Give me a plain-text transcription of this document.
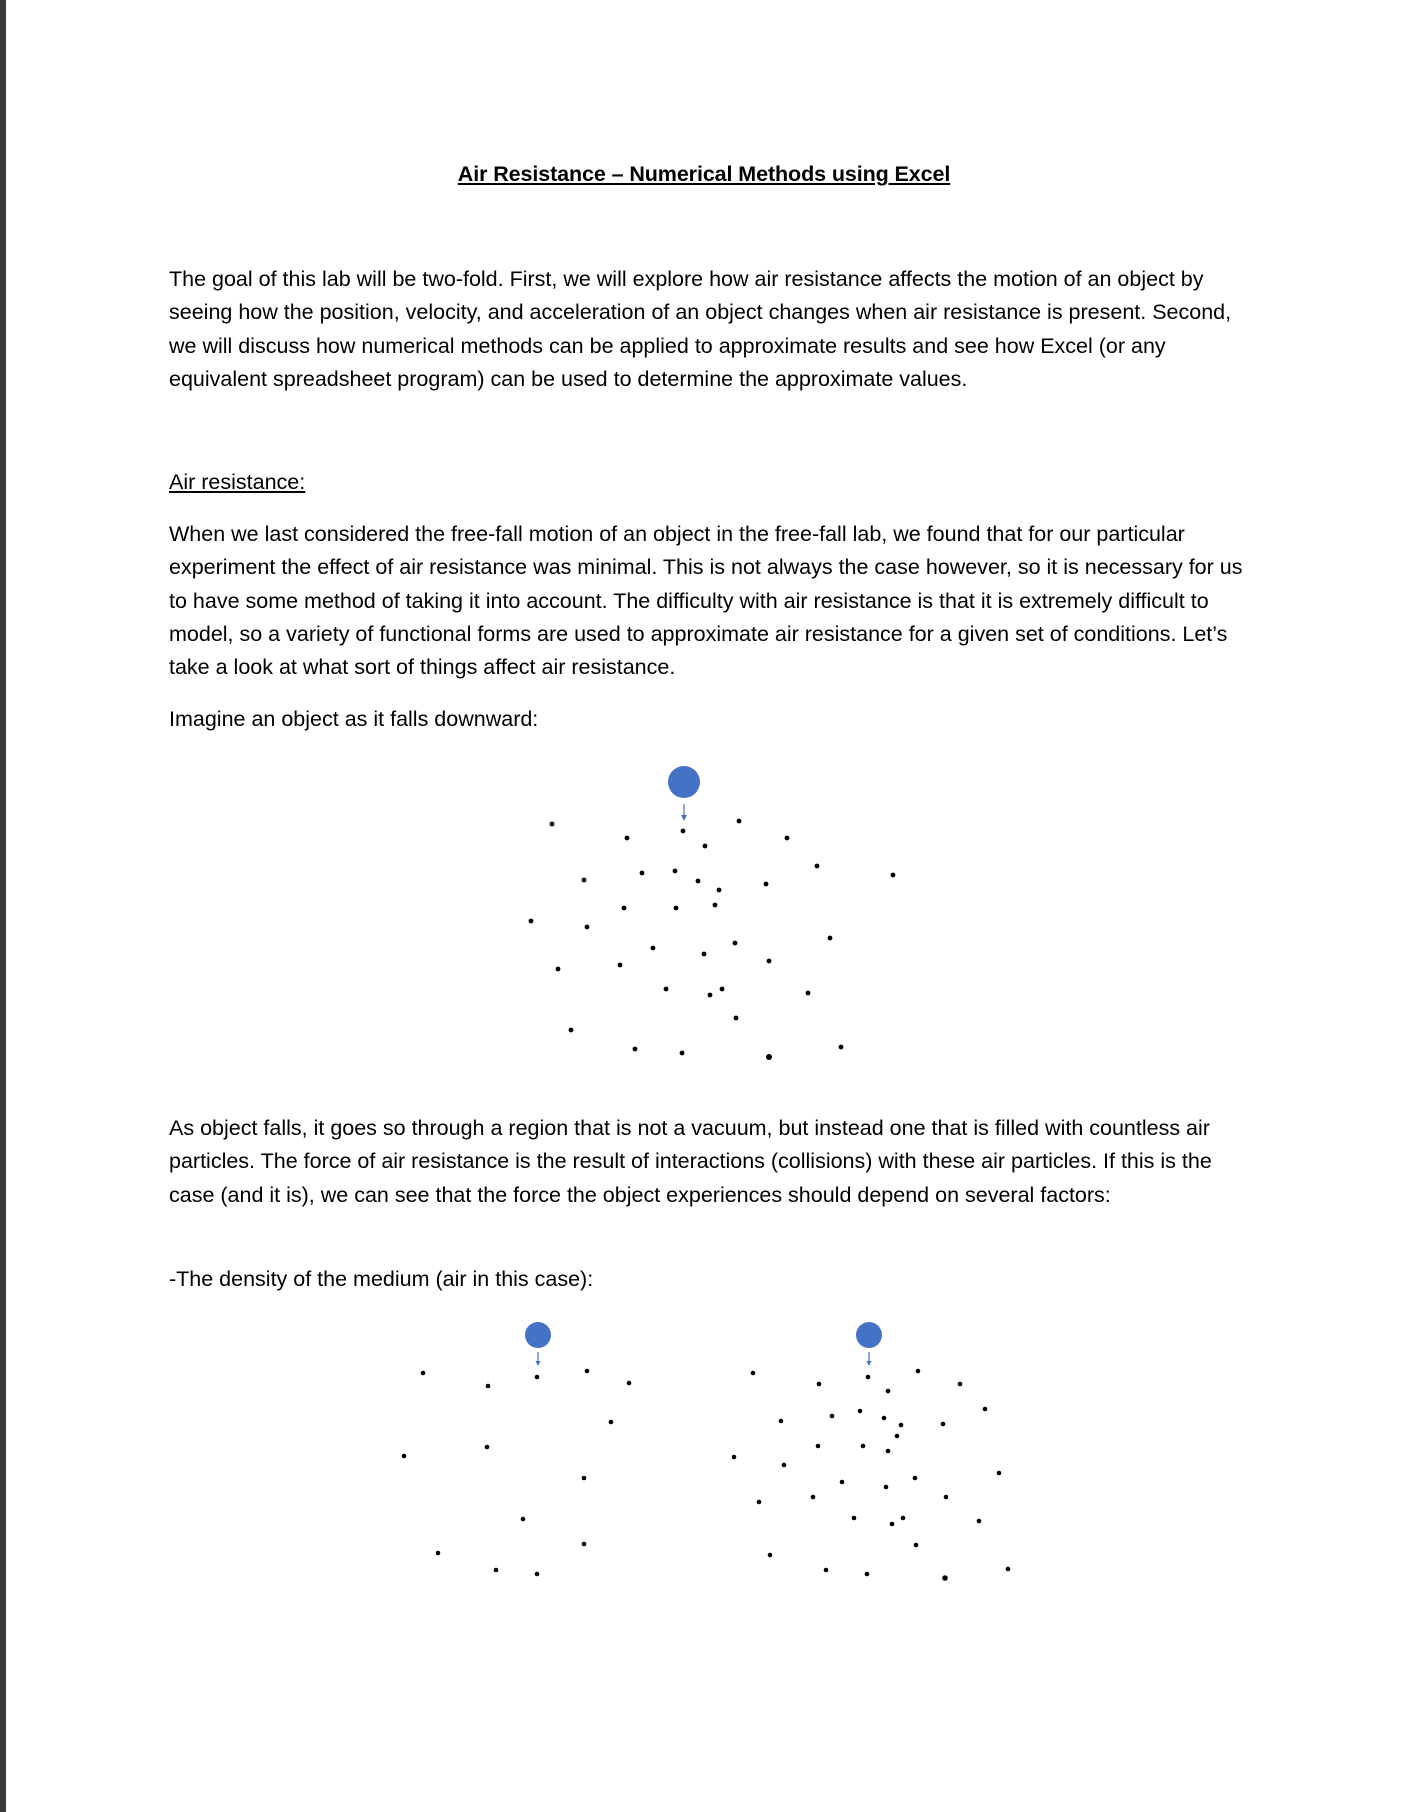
Air Resistance – Numerical Methods using Excel

The goal of this lab will be two-fold. First, we will explore how air resistance affects the motion of an object by seeing how the position, velocity, and acceleration of an object changes when air resistance is present. Second, we will discuss how numerical methods can be applied to approximate results and see how Excel (or any equivalent spreadsheet program) can be used to determine the approximate values.

Air resistance:

When we last considered the free-fall motion of an object in the free-fall lab, we found that for our particular experiment the effect of air resistance was minimal. This is not always the case however, so it is necessary for us to have some method of taking it into account. The difficulty with air resistance is that it is extremely difficult to model, so a variety of functional forms are used to approximate air resistance for a given set of conditions. Let’s take a look at what sort of things affect air resistance.

Imagine an object as it falls downward:

As object falls, it goes so through a region that is not a vacuum, but instead one that is filled with countless air particles. The force of air resistance is the result of interactions (collisions) with these air particles. If this is the case (and it is), we can see that the force the object experiences should depend on several factors:

-The density of the medium (air in this case):
